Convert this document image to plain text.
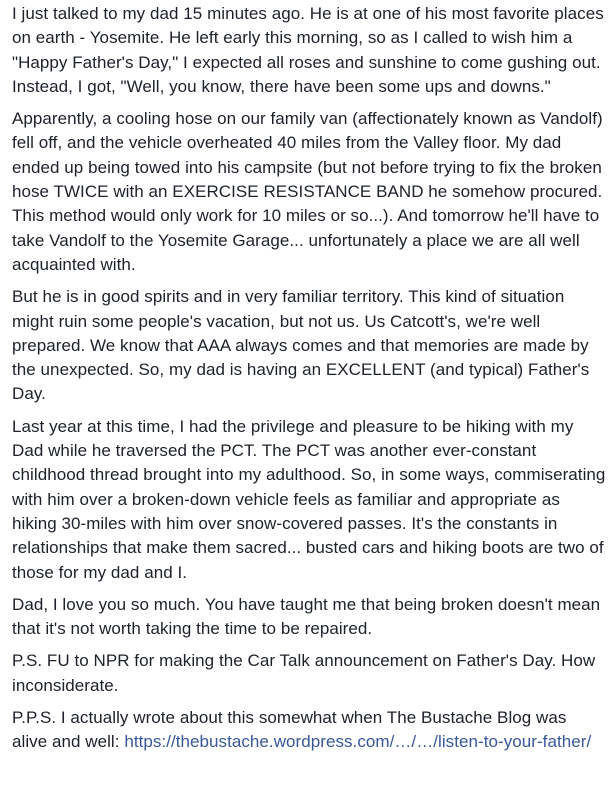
I just talked to my dad 15 minutes ago. He is at one of his most favorite places on earth - Yosemite. He left early this morning, so as I called to wish him a "Happy Father's Day," I expected all roses and sunshine to come gushing out. Instead, I got, "Well, you know, there have been some ups and downs."

Apparently, a cooling hose on our family van (affectionately known as Vandolf) fell off, and the vehicle overheated 40 miles from the Valley floor. My dad ended up being towed into his campsite (but not before trying to fix the broken hose TWICE with an EXERCISE RESISTANCE BAND he somehow procured. This method would only work for 10 miles or so...). And tomorrow he'll have to take Vandolf to the Yosemite Garage... unfortunately a place we are all well acquainted with.

But he is in good spirits and in very familiar territory. This kind of situation might ruin some people's vacation, but not us. Us Catcott's, we're well prepared. We know that AAA always comes and that memories are made by the unexpected. So, my dad is having an EXCELLENT (and typical) Father's Day.

Last year at this time, I had the privilege and pleasure to be hiking with my Dad while he traversed the PCT. The PCT was another ever-constant childhood thread brought into my adulthood. So, in some ways, commiserating with him over a broken-down vehicle feels as familiar and appropriate as hiking 30-miles with him over snow-covered passes. It's the constants in relationships that make them sacred... busted cars and hiking boots are two of those for my dad and I.

Dad, I love you so much. You have taught me that being broken doesn't mean that it's not worth taking the time to be repaired.

P.S. FU to NPR for making the Car Talk announcement on Father's Day. How inconsiderate.

P.P.S. I actually wrote about this somewhat when The Bustache Blog was alive and well: https://thebustache.wordpress.com/…/…/listen-to-your-father/
